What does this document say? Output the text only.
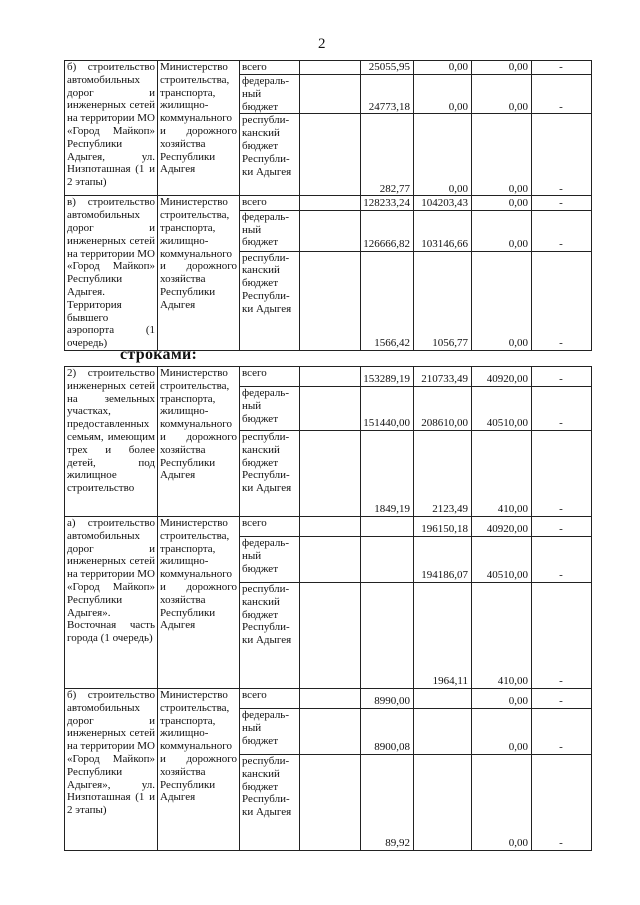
2
б) строительство автомобильных дорог и инженерных сетей на территории МО «Город Майкоп» Республики Адыгея, ул. Низпоташная (1 и 2 этапы)	Министерство строительства, транспорта, жилищно-коммунального и дорожного хозяйства Республики Адыгея	всего		25055,95	0,00	0,00	-
		федераль-ный бюджет		24773,18	0,00	0,00	-
		республи-канский бюджет Республи-ки Адыгея		282,77	0,00	0,00	-
в) строительство автомобильных дорог и инженерных сетей на территории МО «Город Майкоп» Республики Адыгея. Территория бывшего аэропорта (1 очередь)	Министерство строительства, транспорта, жилищно-коммунального и дорожного хозяйства Республики Адыгея	всего		128233,24	104203,43	0,00	-
		федераль-ный бюджет		126666,82	103146,66	0,00	-
		республи-канский бюджет Республи-ки Адыгея		1566,42	1056,77	0,00	-
строками:
2) строительство инженерных сетей на земельных участках, предоставленных семьям, имеющим трех и более детей, под жилищное строительство	Министерство строительства, транспорта, жилищно-коммунального и дорожного хозяйства Республики Адыгея	всего		153289,19	210733,49	40920,00	-
		федераль-ный бюджет		151440,00	208610,00	40510,00	-
		республи-канский бюджет Республи-ки Адыгея		1849,19	2123,49	410,00	-
а) строительство автомобильных дорог и инженерных сетей на территории МО «Город Майкоп» Республики Адыгея». Восточная часть города (1 очередь)	Министерство строительства, транспорта, жилищно-коммунального и дорожного хозяйства Республики Адыгея	всего			196150,18	40920,00	-
		федераль-ный бюджет			194186,07	40510,00	-
		республи-канский бюджет Республи-ки Адыгея			1964,11	410,00	-
б) строительство автомобильных дорог и инженерных сетей на территории МО «Город Майкоп» Республики Адыгея», ул. Низпоташная (1 и 2 этапы)	Министерство строительства, транспорта, жилищно-коммунального и дорожного хозяйства Республики Адыгея	всего		8990,00		0,00	-
		федераль-ный бюджет		8900,08		0,00	-
		республи-канский бюджет Республи-ки Адыгея		89,92		0,00	-
